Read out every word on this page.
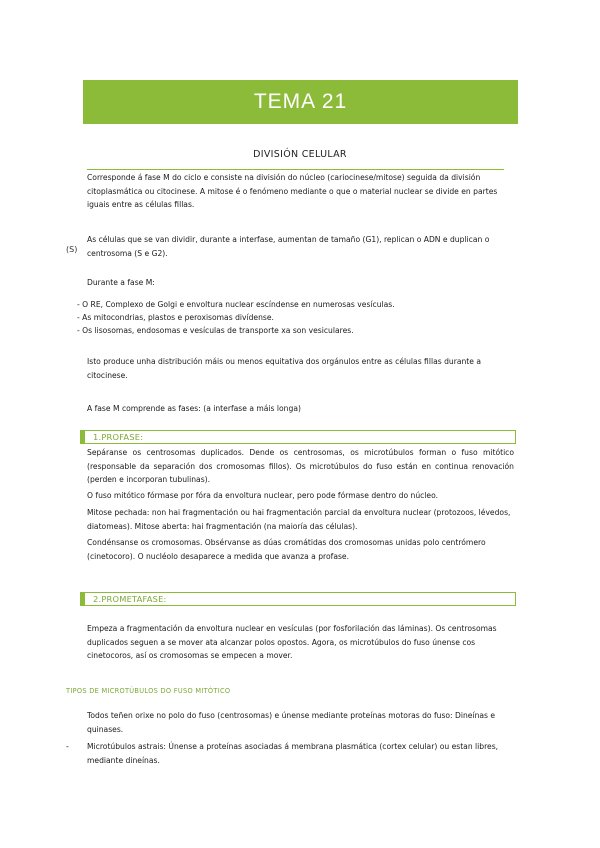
TEMA 21
DIVISIÓN CELULAR

Corresponde á fase M do ciclo e consiste na división do núcleo (cariocinese/mitose) seguida da división citoplasmática ou citocinese. A mitose é o fenómeno mediante o que o material nuclear se divide en partes iguais entre as células fillas.

As células que se van dividir, durante a interfase, aumentan de tamaño (G1), replican o ADN e duplican o centrosoma (S e G2).

(S)

Durante a fase M:

- O RE, Complexo de Golgi e envoltura nuclear escíndense en numerosas vesículas.
- As mitocondrias, plastos e peroxisomas divídense.
- Os lisosomas, endosomas e vesículas de transporte xa son vesiculares.

Isto produce unha distribución máis ou menos equitativa dos orgánulos entre as células fillas durante a citocinese.

A fase M comprende as fases: (a interfase a máis longa)

1.PROFASE:

Sepáranse os centrosomas duplicados. Dende os centrosomas, os microtúbulos forman o fuso mitótico (responsable da separación dos cromosomas fillos). Os microtúbulos do fuso están en continua renovación (perden e incorporan tubulinas).

O fuso mitótico fórmase por fóra da envoltura nuclear, pero pode fórmase dentro do núcleo.

Mitose pechada: non hai fragmentación ou hai fragmentación parcial da envoltura nuclear (protozoos, lévedos, diatomeas). Mitose aberta: hai fragmentación (na maioría das células).

Condénsanse os cromosomas. Obsérvanse as dúas cromátidas dos cromosomas unidas polo centrómero (cinetocoro). O nucléolo desaparece a medida que avanza a profase.

2.PROMETAFASE:

Empeza a fragmentación da envoltura nuclear en vesículas (por fosforilación das láminas). Os centrosomas duplicados seguen a se mover ata alcanzar polos opostos. Agora, os microtúbulos do fuso únense cos cinetocoros, así os cromosomas se empecen a mover.

TIPOS DE MICROTÚBULOS DO FUSO MITÓTICO

Todos teñen orixe no polo do fuso (centrosomas) e únense mediante proteínas motoras do fuso: Dineínas e quinases.

- Microtúbulos astrais: Únense a proteínas asociadas á membrana plasmática (cortex celular) ou estan libres, mediante dineínas.
